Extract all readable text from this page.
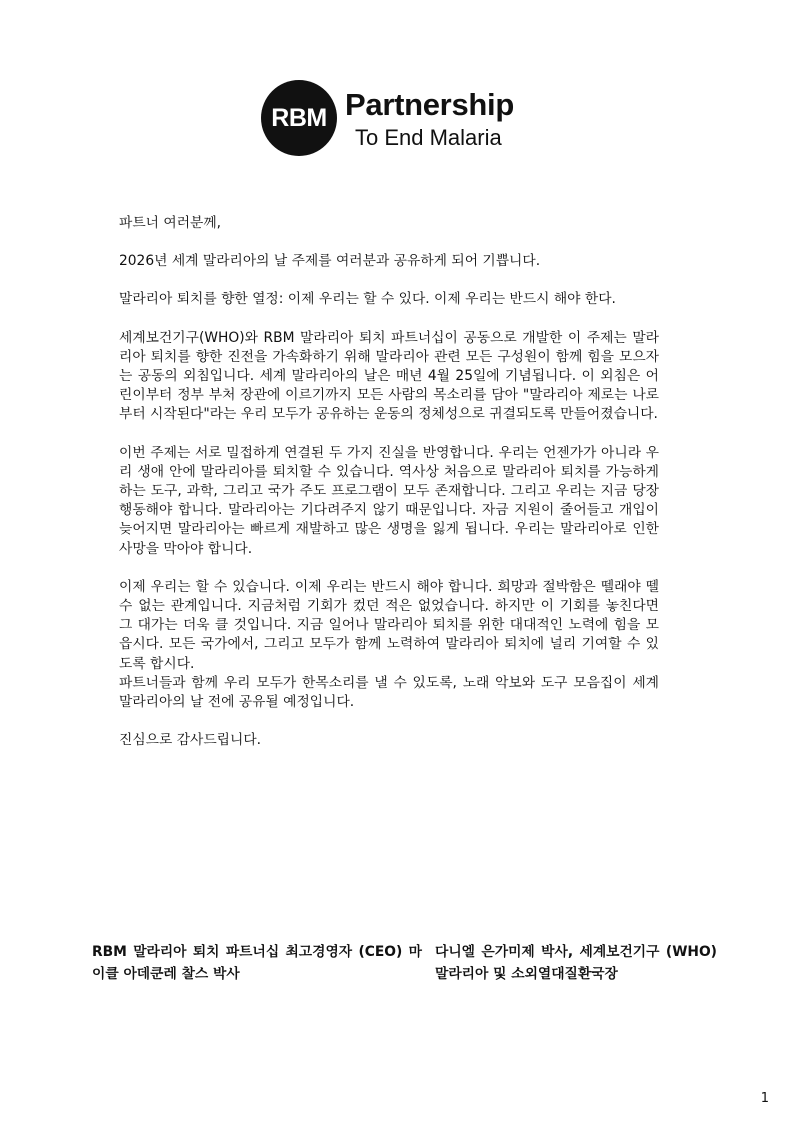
RBM Partnership
To End Malaria

파트너 여러분께,

2026년 세계 말라리아의 날 주제를 여러분과 공유하게 되어 기쁩니다.

말라리아 퇴치를 향한 열정: 이제 우리는 할 수 있다. 이제 우리는 반드시 해야 한다.

세계보건기구(WHO)와 RBM 말라리아 퇴치 파트너십이 공동으로 개발한 이 주제는 말라리아 퇴치를 향한 진전을 가속화하기 위해 말라리아 관련 모든 구성원이 함께 힘을 모으자는 공동의 외침입니다. 세계 말라리아의 날은 매년 4월 25일에 기념됩니다. 이 외침은 어린이부터 정부 부처 장관에 이르기까지 모든 사람의 목소리를 담아 "말라리아 제로는 나로부터 시작된다"라는 우리 모두가 공유하는 운동의 정체성으로 귀결되도록 만들어졌습니다.

이번 주제는 서로 밀접하게 연결된 두 가지 진실을 반영합니다. 우리는 언젠가가 아니라 우리 생애 안에 말라리아를 퇴치할 수 있습니다. 역사상 처음으로 말라리아 퇴치를 가능하게 하는 도구, 과학, 그리고 국가 주도 프로그램이 모두 존재합니다. 그리고 우리는 지금 당장 행동해야 합니다. 말라리아는 기다려주지 않기 때문입니다. 자금 지원이 줄어들고 개입이 늦어지면 말라리아는 빠르게 재발하고 많은 생명을 잃게 됩니다. 우리는 말라리아로 인한 사망을 막아야 합니다.

이제 우리는 할 수 있습니다. 이제 우리는 반드시 해야 합니다. 희망과 절박함은 뗄래야 뗄 수 없는 관계입니다. 지금처럼 기회가 컸던 적은 없었습니다. 하지만 이 기회를 놓친다면 그 대가는 더욱 클 것입니다. 지금 일어나 말라리아 퇴치를 위한 대대적인 노력에 힘을 모읍시다. 모든 국가에서, 그리고 모두가 함께 노력하여 말라리아 퇴치에 널리 기여할 수 있도록 합시다.

파트너들과 함께 우리 모두가 한목소리를 낼 수 있도록, 노래 악보와 도구 모음집이 세계 말라리아의 날 전에 공유될 예정입니다.

진심으로 감사드립니다.

RBM 말라리아 퇴치 파트너십 최고경영자 (CEO) 마이클 아데쿤레 찰스 박사
다니엘 은가미제 박사, 세계보건기구 (WHO) 말라리아 및 소외열대질환국장
1
